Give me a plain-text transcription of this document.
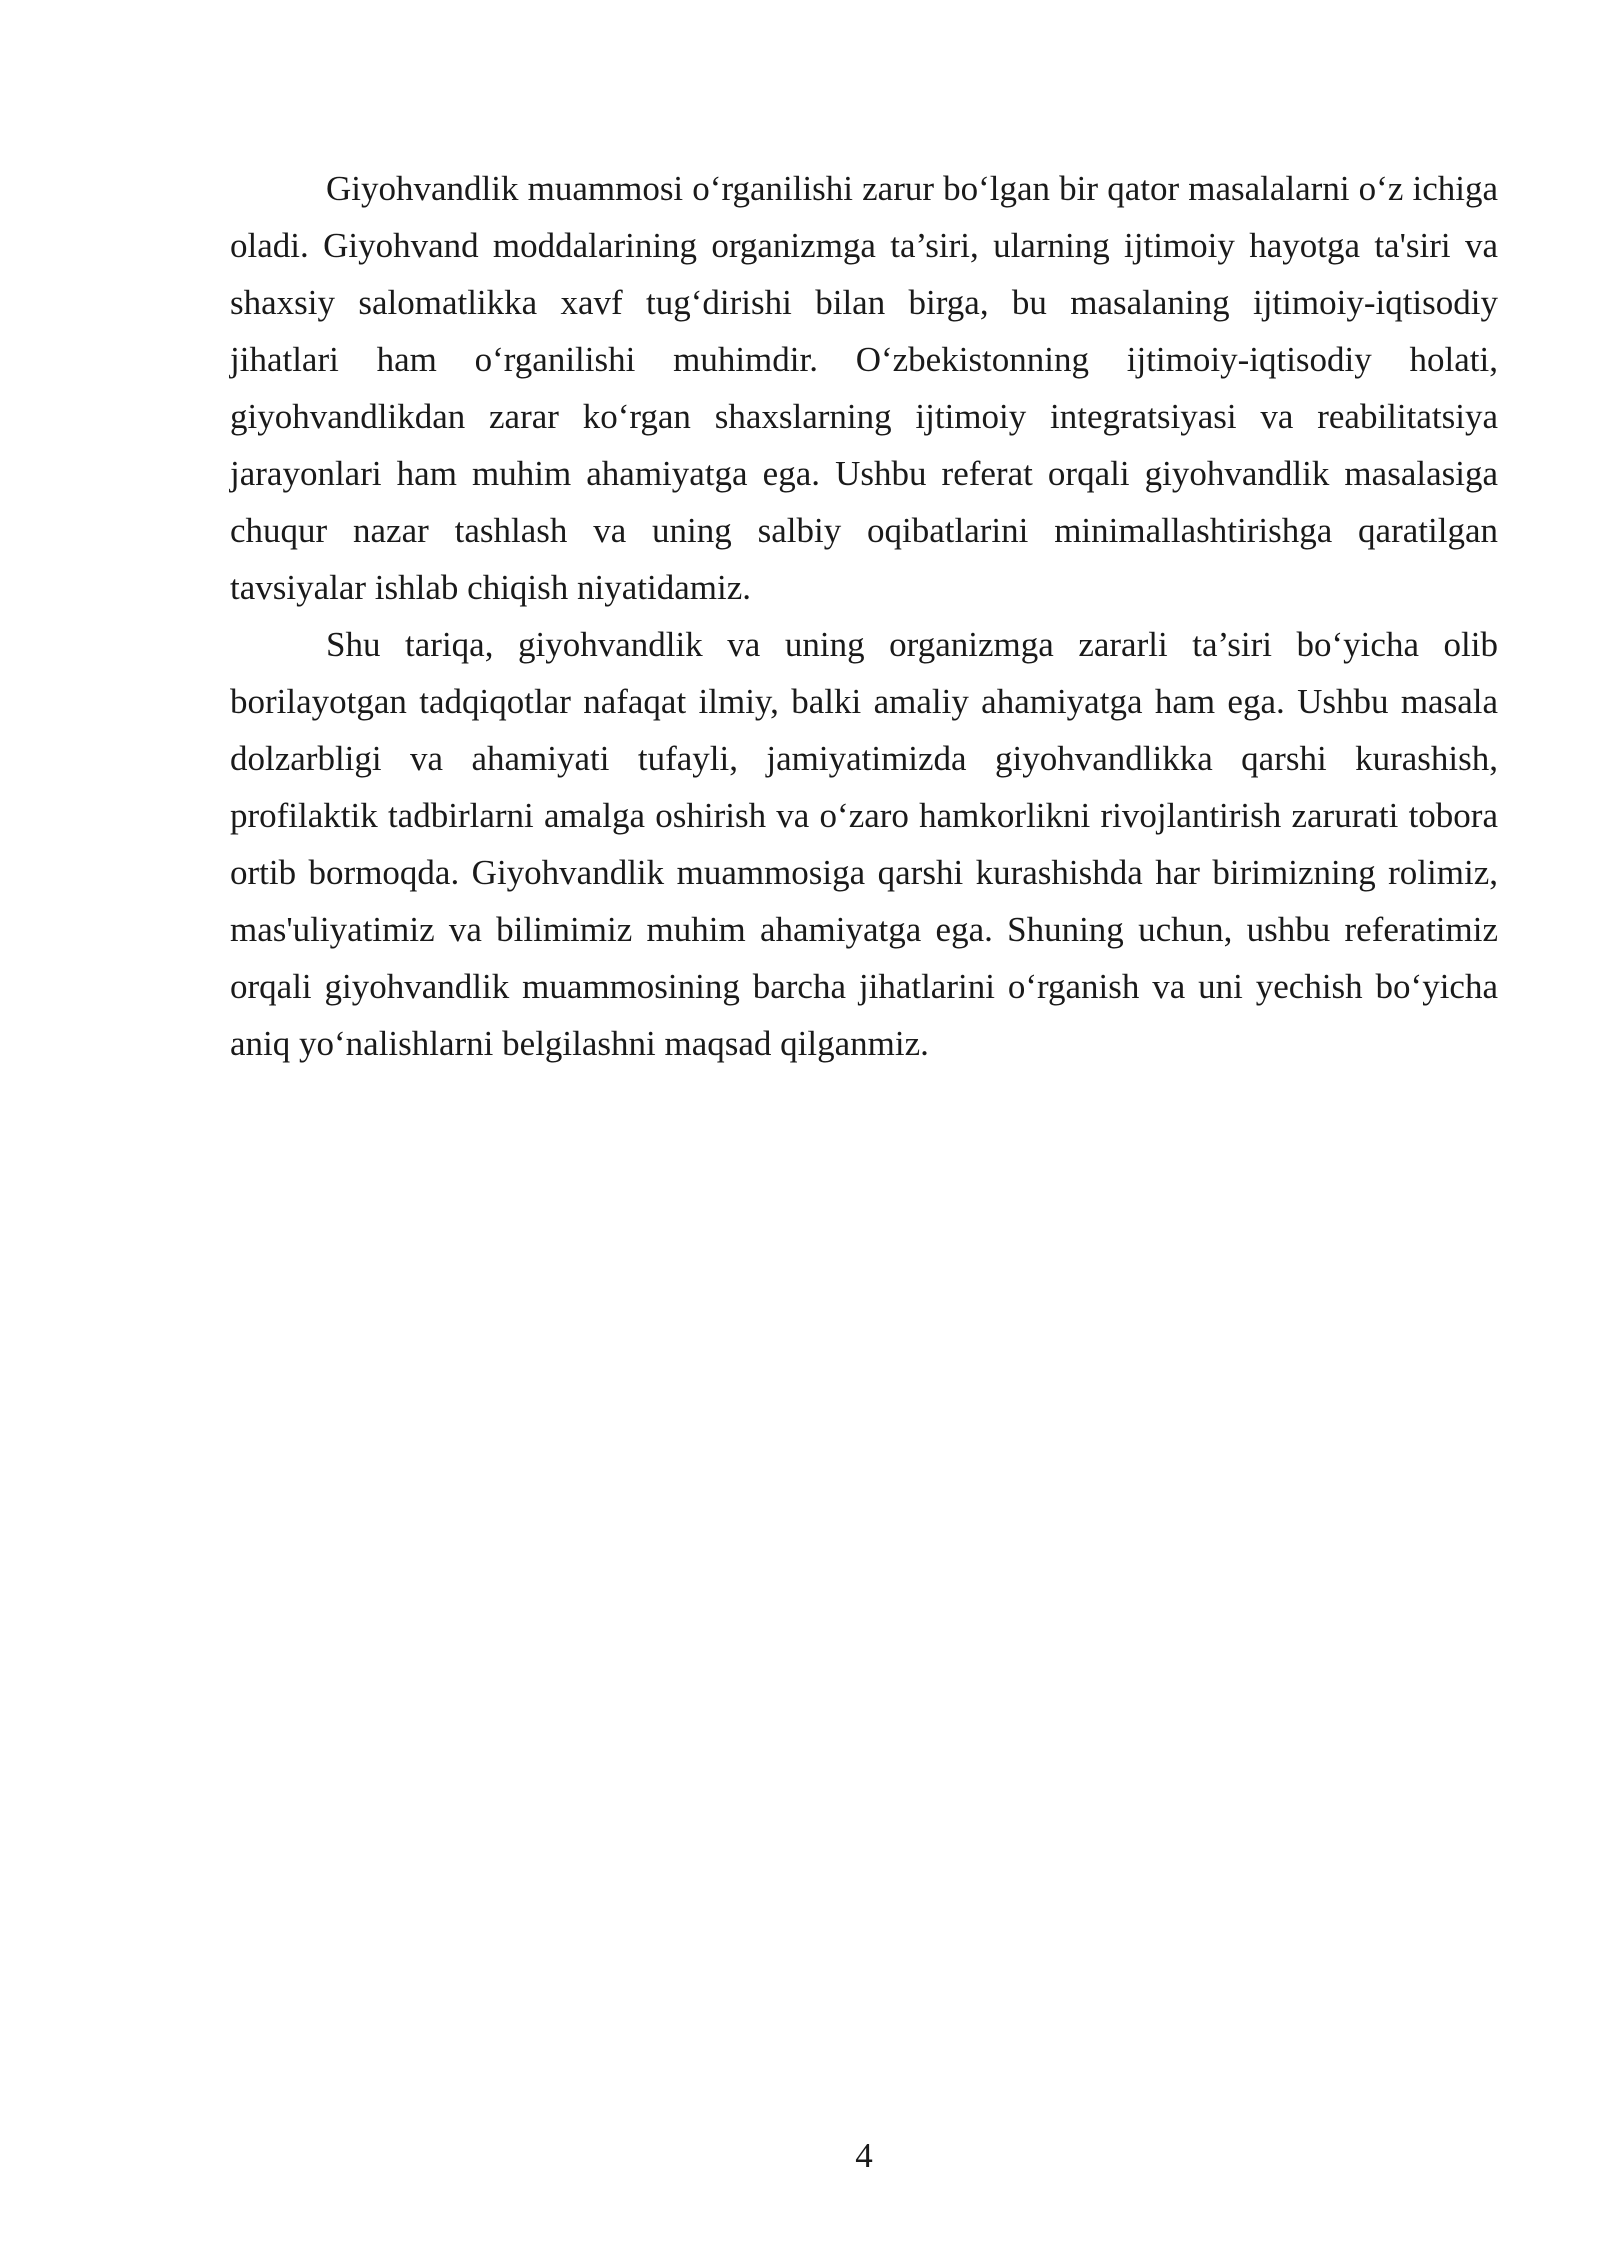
Giyohvandlik muammosi o‘rganilishi zarur bo‘lgan bir qator masalalarni o‘z ichiga oladi. Giyohvand moddalarining organizmga ta’siri, ularning ijtimoiy hayotga ta'siri va shaxsiy salomatlikka xavf tug‘dirishi bilan birga, bu masalaning ijtimoiy-iqtisodiy jihatlari ham o‘rganilishi muhimdir. O‘zbekistonning ijtimoiy-iqtisodiy holati, giyohvandlikdan zarar ko‘rgan shaxslarning ijtimoiy integratsiyasi va reabilitatsiya jarayonlari ham muhim ahamiyatga ega. Ushbu referat orqali giyohvandlik masalasiga chuqur nazar tashlash va uning salbiy oqibatlarini minimallashtirishga qaratilgan tavsiyalar ishlab chiqish niyatidamiz.

Shu tariqa, giyohvandlik va uning organizmga zararli ta’siri bo‘yicha olib borilayotgan tadqiqotlar nafaqat ilmiy, balki amaliy ahamiyatga ham ega. Ushbu masala dolzarbligi va ahamiyati tufayli, jamiyatimizda giyohvandlikka qarshi kurashish, profilaktik tadbirlarni amalga oshirish va o‘zaro hamkorlikni rivojlantirish zarurati tobora ortib bormoqda. Giyohvandlik muammosiga qarshi kurashishda har birimizning rolimiz, mas'uliyatimiz va bilimimiz muhim ahamiyatga ega. Shuning uchun, ushbu referatimiz orqali giyohvandlik muammosining barcha jihatlarini o‘rganish va uni yechish bo‘yicha aniq yo‘nalishlarni belgilashni maqsad qilganmiz.

4
